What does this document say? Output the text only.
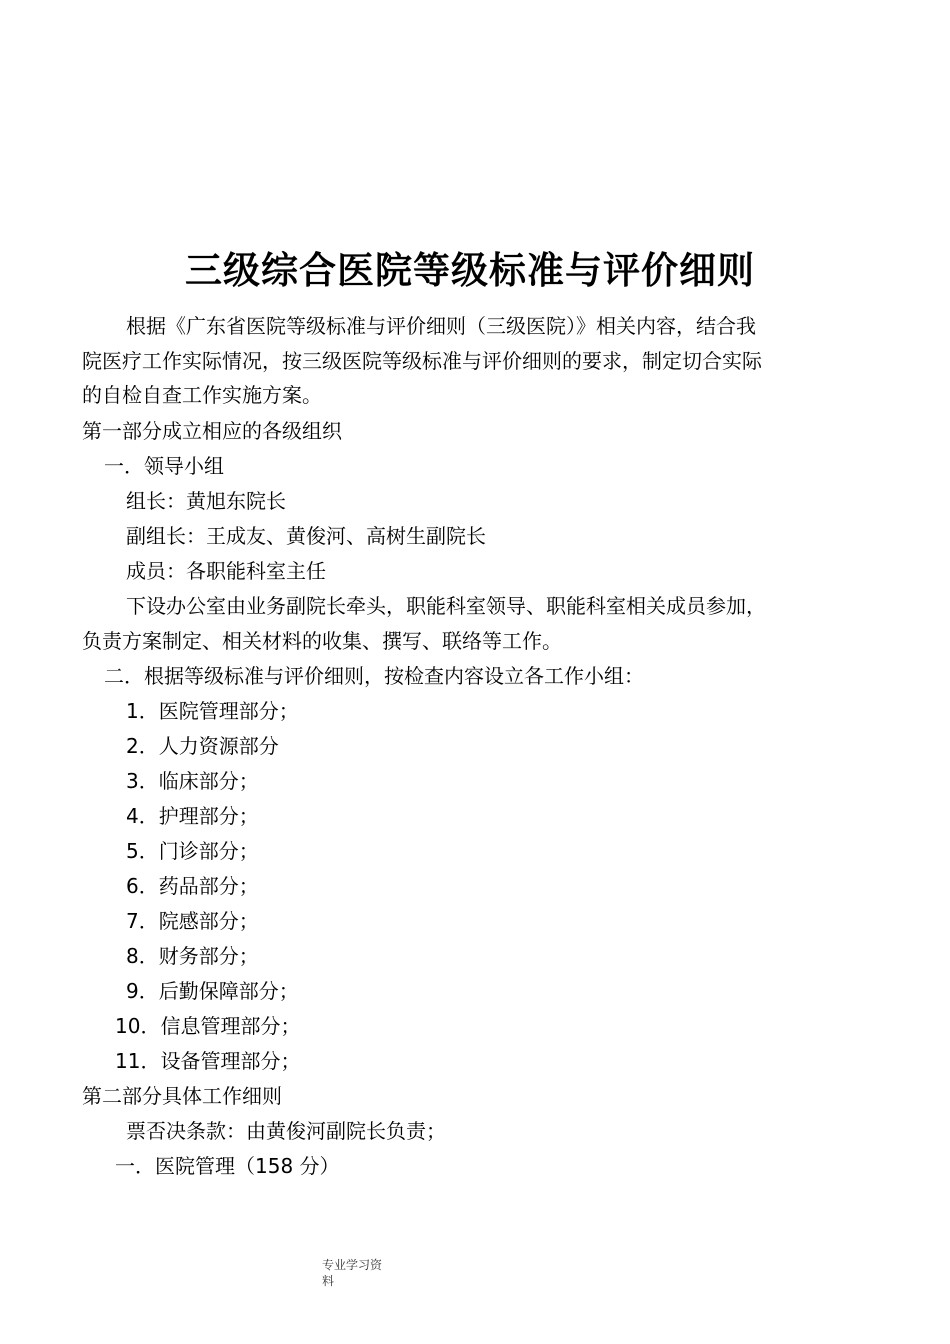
三级综合医院等级标准与评价细则
根据《广东省医院等级标准与评价细则（三级医院）》相关内容，结合我
院医疗工作实际情况，按三级医院等级标准与评价细则的要求，制定切合实际
的自检自查工作实施方案。
第一部分成立相应的各级组织
一．领导小组
组长：黄旭东院长
副组长：王成友、黄俊河、高树生副院长
成员：各职能科室主任
下设办公室由业务副院长牵头，职能科室领导、职能科室相关成员参加，
负责方案制定、相关材料的收集、撰写、联络等工作。
二．根据等级标准与评价细则，按检查内容设立各工作小组：
1．医院管理部分；
2．人力资源部分
3．临床部分；
4．护理部分；
5．门诊部分；
6．药品部分；
7．院感部分；
8．财务部分；
9．后勤保障部分；
10．信息管理部分；
11．设备管理部分；
第二部分具体工作细则
票否决条款：由黄俊河副院长负责；
一．医院管理（158 分）
专业学习资
料
